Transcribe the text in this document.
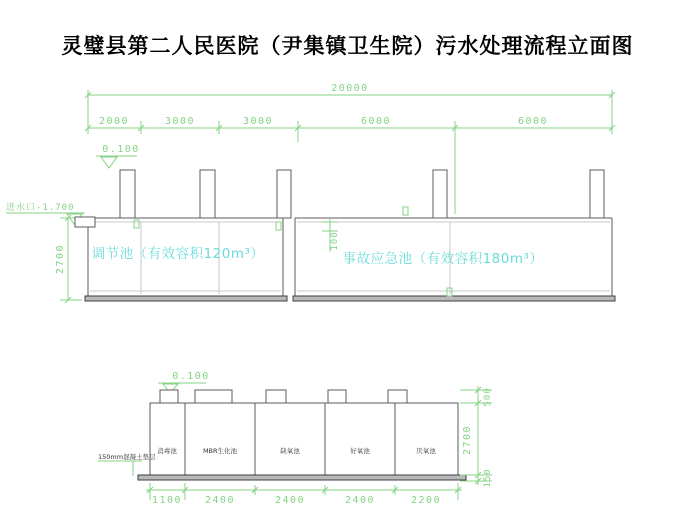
灵璧县第二人民医院（尹集镇卫生院）污水处理流程立面图
20000
2000	3000	3000	6000	6000
0.100
进水口-1.700
2700
100
调节池（有效容积120m³）	事故应急池（有效容积180m³）
0.100
消毒池	MBR生化池	缺氧池	好氧池	厌氧池
150mm混凝土垫层
1100 2400	2400	2400	2200
500
2700
150
